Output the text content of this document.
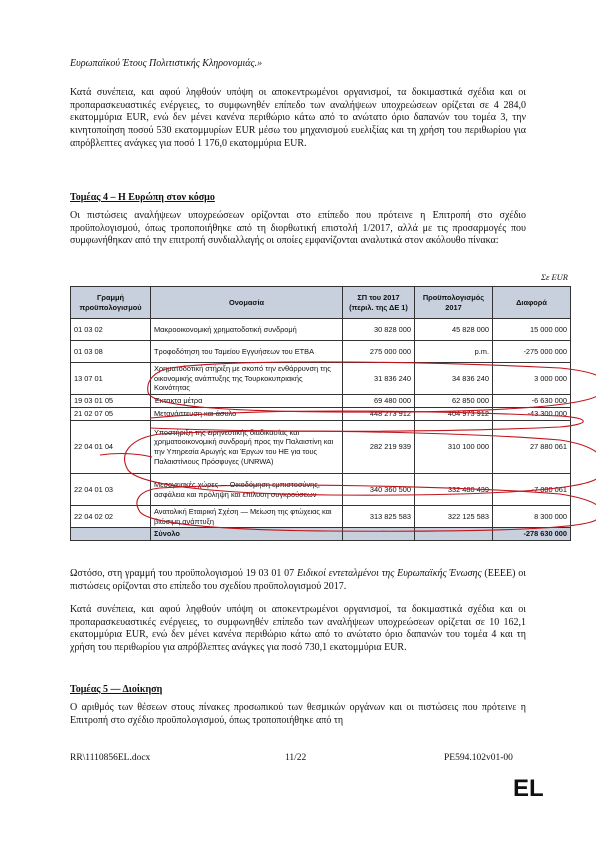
Ευρωπαϊκού Έτους Πολιτιστικής Κληρονομιάς.»

Κατά συνέπεια, και αφού ληφθούν υπόψη οι αποκεντρωμένοι οργανισμοί, τα δοκιμαστικά σχέδια και οι προπαρασκευαστικές ενέργειες, το συμφωνηθέν επίπεδο των αναλήψεων υποχρεώσεων ορίζεται σε 4 284,0 εκατομμύρια EUR, ενώ δεν μένει κανένα περιθώριο κάτω από το ανώτατο όριο δαπανών του τομέα 3, την κινητοποίηση ποσού 530 εκατομμυρίων EUR μέσω του μηχανισμού ευελιξίας και τη χρήση του περιθωρίου για απρόβλεπτες ανάγκες για ποσό 1 176,0 εκατομμύρια EUR.

Τομέας 4 – Η Ευρώπη στον κόσμο

Οι πιστώσεις αναλήψεων υποχρεώσεων ορίζονται στο επίπεδο που πρότεινε η Επιτροπή στο σχέδιο προϋπολογισμού, όπως τροποποιήθηκε από τη διορθωτική επιστολή 1/2017, αλλά με τις προσαρμογές που συμφωνήθηκαν από την επιτροπή συνδιαλλαγής οι οποίες εμφανίζονται αναλυτικά στον ακόλουθο πίνακα:

Σε EUR
Γραμμή προϋπολογισμού	Ονομασία	ΣΠ του 2017 (περιλ. της ΔΕ 1)	Προϋπολογισμός 2017	Διαφορά
01 03 02	Μακροοικονομική χρηματοδοτική συνδρομή	30 828 000	45 828 000	15 000 000
01 03 08	Τροφοδότηση του Ταμείου Εγγυήσεων του ΕΤΒΑ	275 000 000	p.m.	-275 000 000
13 07 01	Χρηματοδοτική στήριξη με σκοπό την ενθάρρυνση της οικονομικής ανάπτυξης της Τουρκοκυπριακής Κοινότητας	31 836 240	34 836 240	3 000 000
19 03 01 05	Έκτακτα μέτρα	69 480 000	62 850 000	-6 630 000
21 02 07 05	Μετανάστευση και άσυλο	448 273 912	404 973 912	-43 300 000
22 04 01 04	Υποστήριξη της ειρηνευτικής διαδικασίας και χρηματοοικονομική συνδρομή προς την Παλαιστίνη και την Υπηρεσία Αρωγής και Έργων του ΗΕ για τους Παλαιστίνιους Πρόσφυγες (UNRWA)	282 219 939	310 100 000	27 880 061
22 04 01 03	Μεσογειακές χώρες — Οικοδόμηση εμπιστοσύνης, ασφάλεια και πρόληψη και επίλυση συγκρούσεων	340 360 500	332 480 439	-7 880 061
22 04 02 02	Ανατολική Εταιρική Σχέση — Μείωση της φτώχειας και βιώσιμη ανάπτυξη	313 825 583	322 125 583	8 300 000
	Σύνολο			-278 630 000

Ωστόσο, στη γραμμή του προϋπολογισμού 19 03 01 07 Ειδικοί εντεταλμένοι της Ευρωπαϊκής Ένωσης (ΕΕΕΕ) οι πιστώσεις ορίζονται στο επίπεδο του σχεδίου προϋπολογισμού 2017.

Κατά συνέπεια, και αφού ληφθούν υπόψη οι αποκεντρωμένοι οργανισμοί, τα δοκιμαστικά σχέδια και οι προπαρασκευαστικές ενέργειες, το συμφωνηθέν επίπεδο των αναλήψεων υποχρεώσεων ορίζεται σε 10 162,1 εκατομμύρια EUR, ενώ δεν μένει κανένα περιθώριο κάτω από το ανώτατο όριο δαπανών του τομέα 4 και τη χρήση του περιθωρίου για απρόβλεπτες ανάγκες για ποσό 730,1 εκατομμύρια EUR.

Τομέας 5 — Διοίκηση

Ο αριθμός των θέσεων στους πίνακες προσωπικού των θεσμικών οργάνων και οι πιστώσεις που πρότεινε η Επιτροπή στο σχέδιο προϋπολογισμού, όπως τροποποιήθηκε από τη

RR\1110856EL.docx	11/22	PE594.102v01-00
EL
